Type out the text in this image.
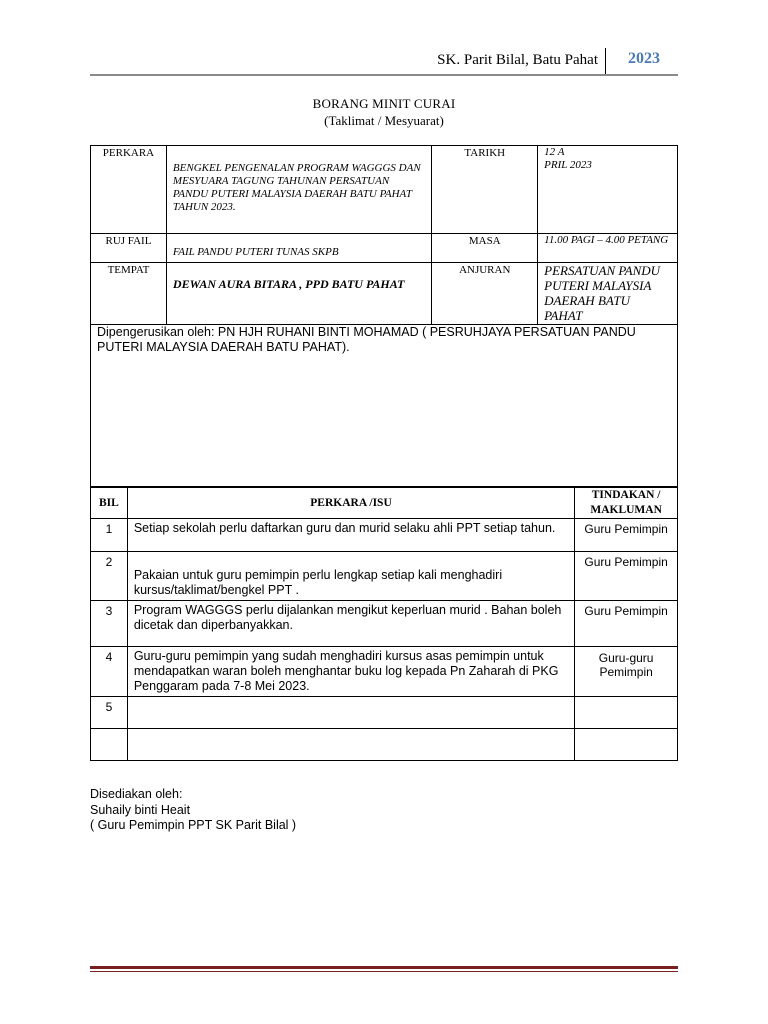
SK. Parit Bilal, Batu Pahat 2023
BORANG MINIT CURAI
(Taklimat / Mesyuarat)
PERKARA	BENGKEL PENGENALAN PROGRAM WAGGGS DAN MESYUARA TAGUNG TAHUNAN PERSATUAN PANDU PUTERI MALAYSIA DAERAH BATU PAHAT TAHUN 2023.	TARIKH	12 A
PRIL 2023

RUJ FAIL	FAIL PANDU PUTERI TUNAS SKPB	MASA	11.00 PAGI – 4.00 PETANG
TEMPAT	DEWAN AURA BITARA , PPD BATU PAHAT	ANJURAN	PERSATUAN PANDU PUTERI MALAYSIA DAERAH BATU PAHAT
Dipengerusikan oleh: PN HJH RUHANI BINTI MOHAMAD ( PESRUHJAYA PERSATUAN PANDU PUTERI MALAYSIA DAERAH BATU PAHAT).			
BIL	PERKARA /ISU	TINDAKAN / MAKLUMAN
1	Setiap sekolah perlu daftarkan guru dan murid selaku ahli PPT setiap tahun.	Guru Pemimpin
2	Pakaian untuk guru pemimpin perlu lengkap setiap kali menghadiri kursus/taklimat/bengkel PPT .	Guru Pemimpin
3	Program WAGGGS perlu dijalankan mengikut keperluan murid . Bahan boleh dicetak dan diperbanyakkan.	Guru Pemimpin
4	Guru-guru pemimpin yang sudah menghadiri kursus asas pemimpin untuk mendapatkan waran boleh menghantar buku log kepada Pn Zaharah di PKG Penggaram pada 7-8 Mei 2023.	Guru-guru Pemimpin
5		

Disediakan oleh:
Suhaily binti Heait
( Guru Pemimpin PPT SK Parit Bilal )
